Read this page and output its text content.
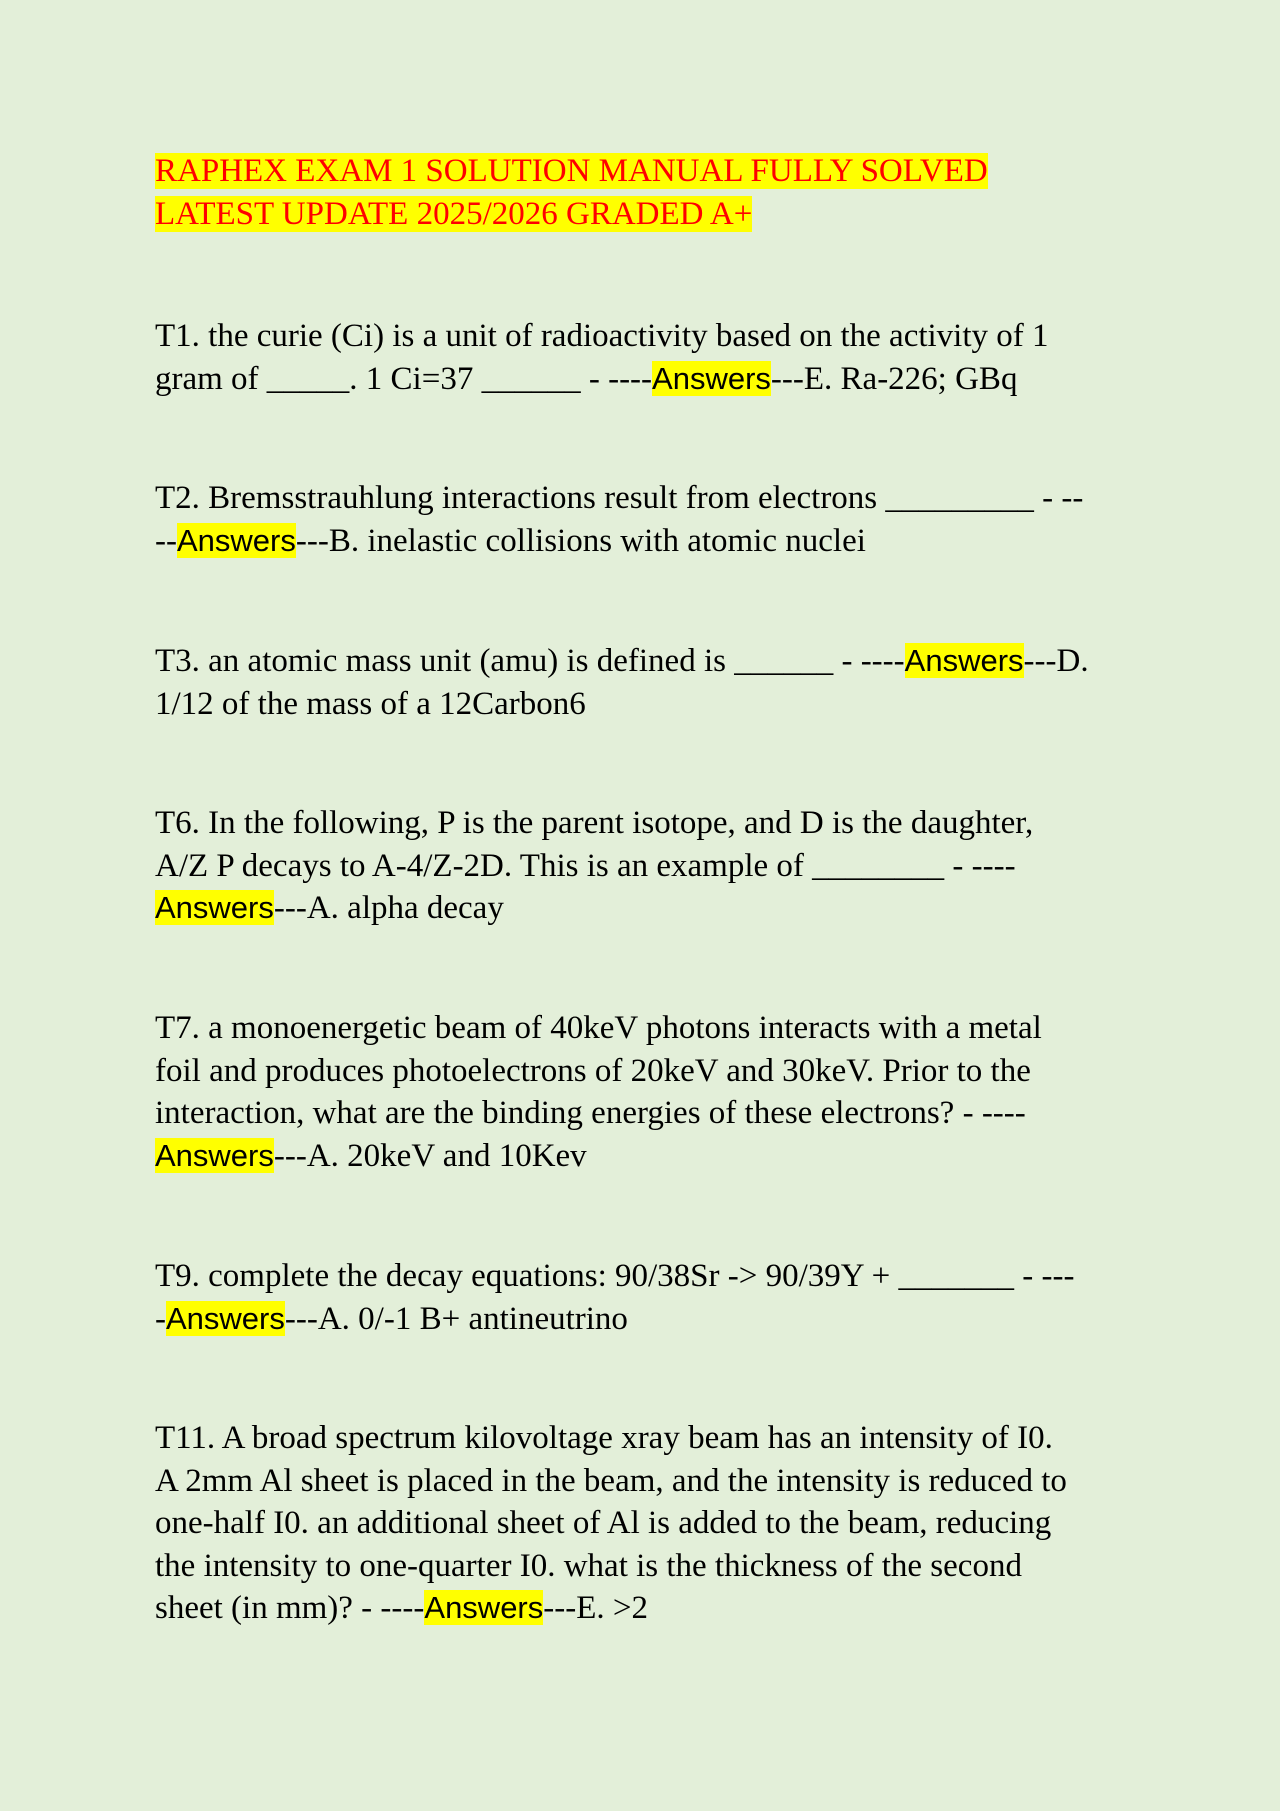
RAPHEX EXAM 1 SOLUTION MANUAL FULLY SOLVED
LATEST UPDATE 2025/2026 GRADED A+

T1. the curie (Ci) is a unit of radioactivity based on the activity of 1
gram of _____. 1 Ci=37 ______ - ----Answers---E. Ra-226; GBq

T2. Bremsstrauhlung interactions result from electrons _________ - --
--Answers---B. inelastic collisions with atomic nuclei

T3. an atomic mass unit (amu) is defined is ______ - ----Answers---D.
1/12 of the mass of a 12Carbon6

T6. In the following, P is the parent isotope, and D is the daughter,
A/Z P decays to A-4/Z-2D. This is an example of ________ - ----
Answers---A. alpha decay

T7. a monoenergetic beam of 40keV photons interacts with a metal
foil and produces photoelectrons of 20keV and 30keV. Prior to the
interaction, what are the binding energies of these electrons? - ----
Answers---A. 20keV and 10Kev

T9. complete the decay equations: 90/38Sr -> 90/39Y + _______ - ---
-Answers---A. 0/-1 B+ antineutrino

T11. A broad spectrum kilovoltage xray beam has an intensity of I0.
A 2mm Al sheet is placed in the beam, and the intensity is reduced to
one-half I0. an additional sheet of Al is added to the beam, reducing
the intensity to one-quarter I0. what is the thickness of the second
sheet (in mm)? - ----Answers---E. >2
